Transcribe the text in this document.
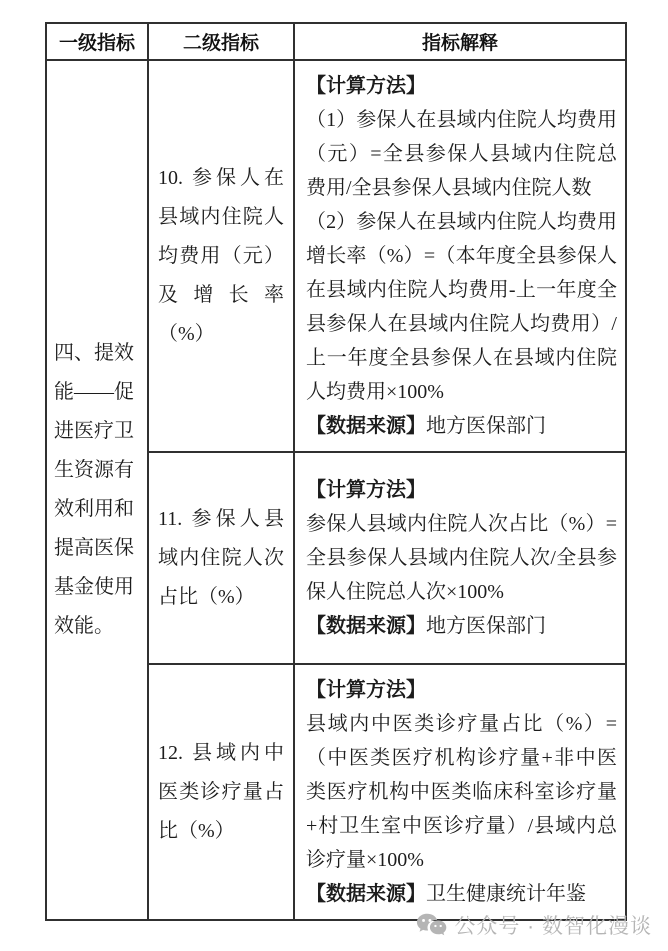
一级指标	二级指标	指标解释
四、提效能——促进医疗卫生资源有效利用和提高医保基金使用效能。	10. 参保人在县域内住院人均费用（元）及增长率（%）	【计算方法】

（1）参保人在县域内住院人均费用（元）=全县参保人县域内住院总费用/全县参保人县域内住院人数

（2）参保人在县域内住院人均费用增长率（%）=（本年度全县参保人在县域内住院人均费用-上一年度全县参保人在县域内住院人均费用）/上一年度全县参保人在县域内住院人均费用×100%

【数据来源】地方医保部门

	11. 参保人县域内住院人次占比（%）	【计算方法】

参保人县域内住院人次占比（%）=全县参保人县域内住院人次/全县参保人住院总人次×100%

【数据来源】地方医保部门

	12. 县域内中医类诊疗量占比（%）	【计算方法】

县域内中医类诊疗量占比（%）=（中医类医疗机构诊疗量+非中医类医疗机构中医类临床科室诊疗量+村卫生室中医诊疗量）/县域内总诊疗量×100%

【数据来源】卫生健康统计年鉴

公众号 · 数智化漫谈
